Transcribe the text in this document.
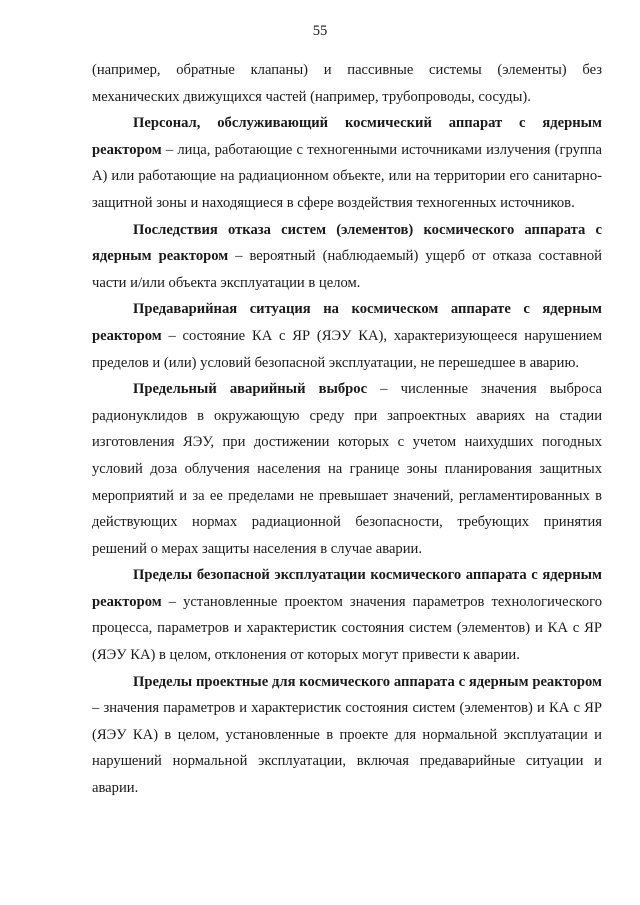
55

(например, обратные клапаны) и пассивные системы (элементы) без механических движущихся частей (например, трубопроводы, сосуды).

Персонал, обслуживающий космический аппарат с ядерным реактором – лица, работающие с техногенными источниками излучения (группа А) или работающие на радиационном объекте, или на территории его санитарно-защитной зоны и находящиеся в сфере воздействия техногенных источников.

Последствия отказа систем (элементов) космического аппарата с ядерным реактором – вероятный (наблюдаемый) ущерб от отказа составной части и/или объекта эксплуатации в целом.

Предаварийная ситуация на космическом аппарате с ядерным реактором – состояние КА с ЯР (ЯЭУ КА), характеризующееся нарушением пределов и (или) условий безопасной эксплуатации, не перешедшее в аварию.

Предельный аварийный выброс – численные значения выброса радионуклидов в окружающую среду при запроектных авариях на стадии изготовления ЯЭУ, при достижении которых с учетом наихудших погодных условий доза облучения населения на границе зоны планирования защитных мероприятий и за ее пределами не превышает значений, регламентированных в действующих нормах радиационной безопасности, требующих принятия решений о мерах защиты населения в случае аварии.

Пределы безопасной эксплуатации космического аппарата с ядерным реактором – установленные проектом значения параметров технологического процесса, параметров и характеристик состояния систем (элементов) и КА с ЯР (ЯЭУ КА) в целом, отклонения от которых могут привести к аварии.

Пределы проектные для космического аппарата с ядерным реактором – значения параметров и характеристик состояния систем (элементов) и КА с ЯР (ЯЭУ КА) в целом, установленные в проекте для нормальной эксплуатации и нарушений нормальной эксплуатации, включая предаварийные ситуации и аварии.
